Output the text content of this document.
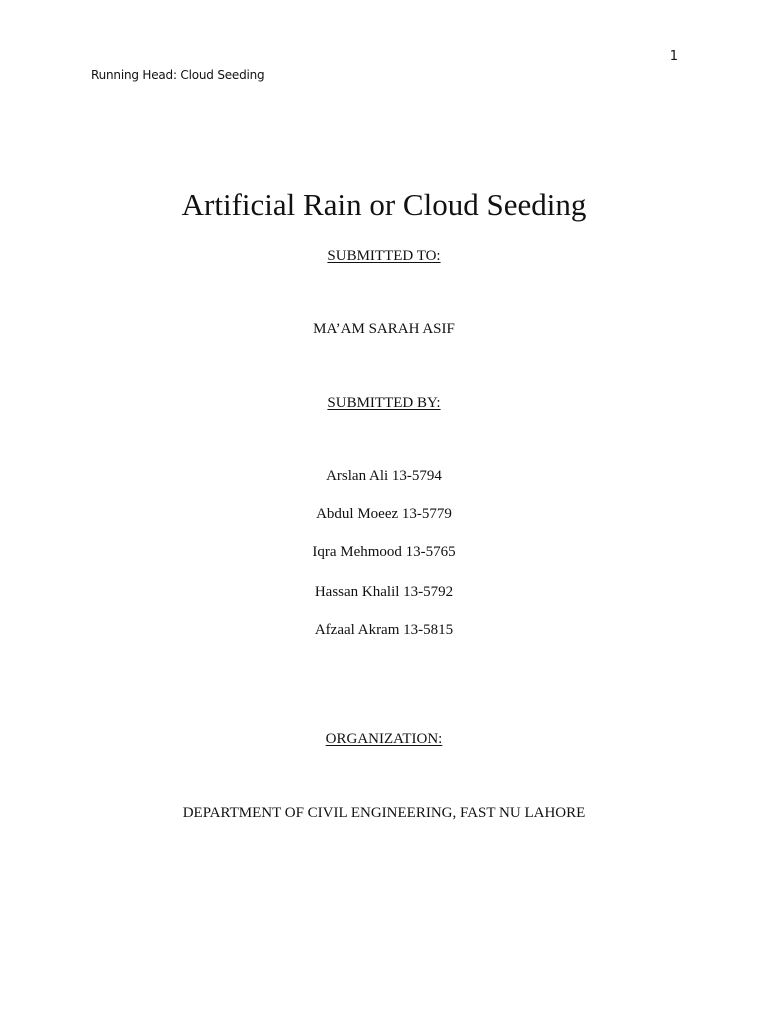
1
Running Head: Cloud Seeding
Artificial Rain or Cloud Seeding
SUBMITTED TO:
MA’AM SARAH ASIF
SUBMITTED BY:
Arslan Ali 13-5794
Abdul Moeez 13-5779
Iqra Mehmood 13-5765
Hassan Khalil 13-5792
Afzaal Akram 13-5815
ORGANIZATION:
DEPARTMENT OF CIVIL ENGINEERING, FAST NU LAHORE
